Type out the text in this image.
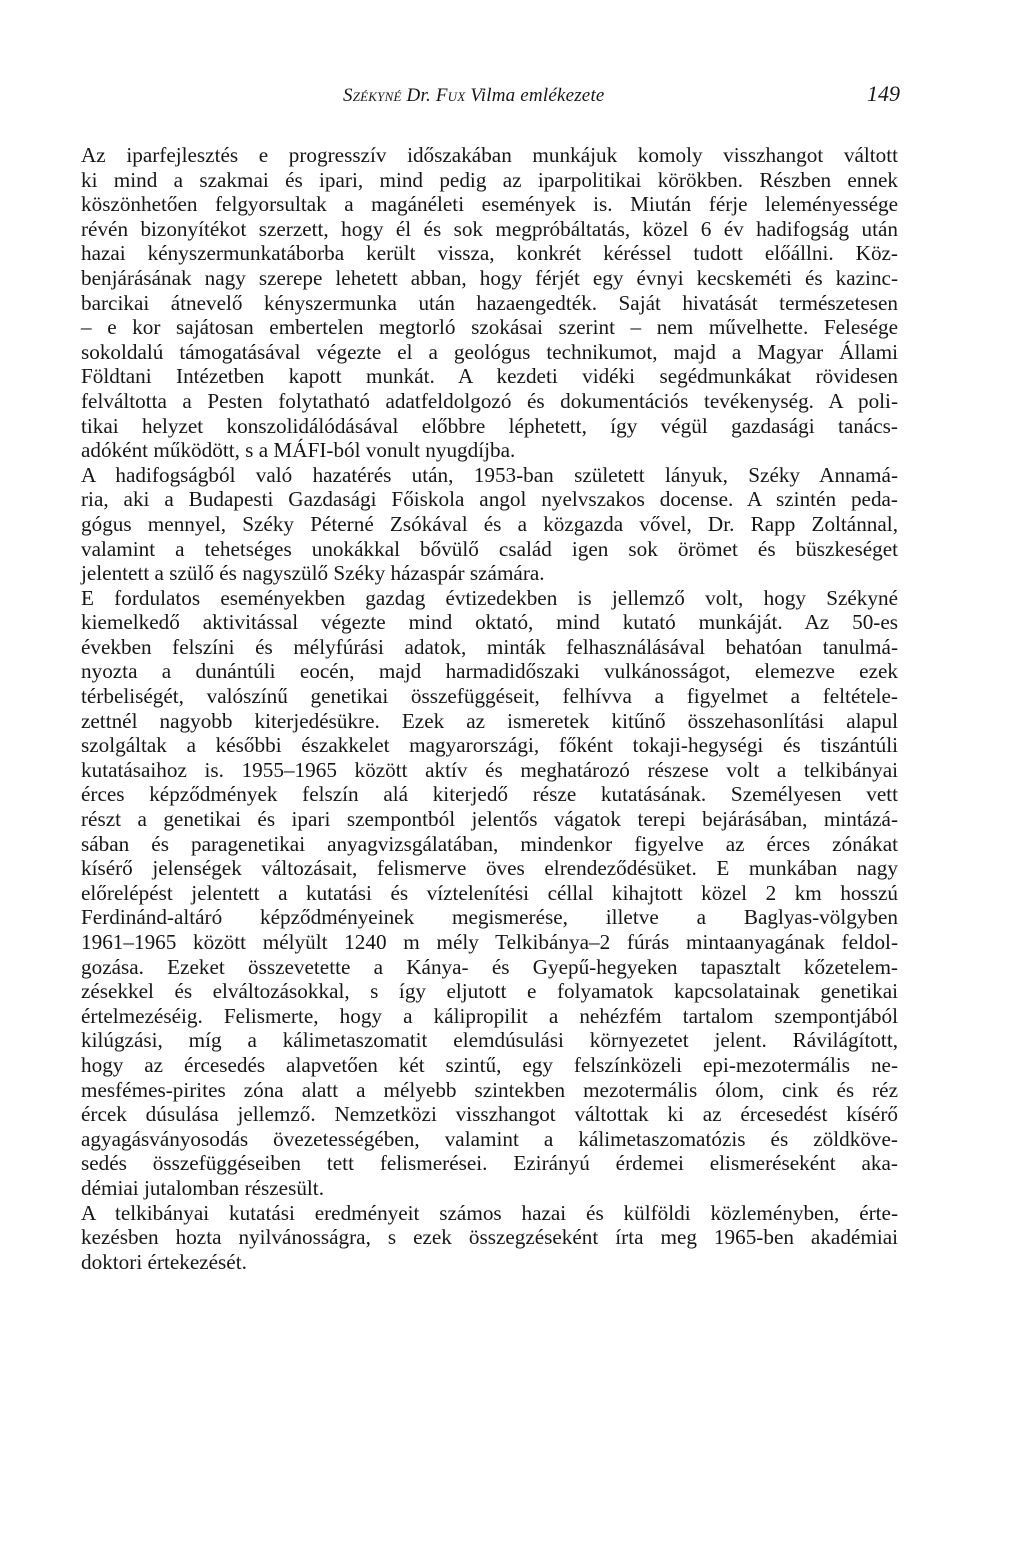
Székyné Dr. Fux Vilma emlékezete	149

Az iparfejlesztés e progresszív időszakában munkájuk komoly visszhangot váltott
ki mind a szakmai és ipari, mind pedig az iparpolitikai körökben. Részben ennek
köszönhetően felgyorsultak a magánéleti események is. Miután férje leleményessége
révén bizonyítékot szerzett, hogy él és sok megpróbáltatás, közel 6 év hadifogság után
hazai kényszermunkatáborba került vissza, konkrét kéréssel tudott előállni. Köz-
benjárásának nagy szerepe lehetett abban, hogy férjét egy évnyi kecskeméti és kazinc-
barcikai átnevelő kényszermunka után hazaengedték. Saját hivatását természetesen
– e kor sajátosan embertelen megtorló szokásai szerint – nem művelhette. Felesége
sokoldalú támogatásával végezte el a geológus technikumot, majd a Magyar Állami
Földtani Intézetben kapott munkát. A kezdeti vidéki segédmunkákat rövidesen
felváltotta a Pesten folytatható adatfeldolgozó és dokumentációs tevékenység. A poli-
tikai helyzet konszolidálódásával előbbre léphetett, így végül gazdasági tanács-
adóként működött, s a MÁFI-ból vonult nyugdíjba.

A hadifogságból való hazatérés után, 1953-ban született lányuk, Széky Annamá-
ria, aki a Budapesti Gazdasági Főiskola angol nyelvszakos docense. A szintén peda-
gógus mennyel, Széky Péterné Zsókával és a közgazda vővel, Dr. Rapp Zoltánnal,
valamint a tehetséges unokákkal bővülő család igen sok örömet és büszkeséget
jelentett a szülő és nagyszülő Széky házaspár számára.

E fordulatos eseményekben gazdag évtizedekben is jellemző volt, hogy Székyné
kiemelkedő aktivitással végezte mind oktató, mind kutató munkáját. Az 50-es
években felszíni és mélyfúrási adatok, minták felhasználásával behatóan tanulmá-
nyozta a dunántúli eocén, majd harmadidőszaki vulkánosságot, elemezve ezek
térbeliségét, valószínű genetikai összefüggéseit, felhívva a figyelmet a feltétele-
zettnél nagyobb kiterjedésükre. Ezek az ismeretek kitűnő összehasonlítási alapul
szolgáltak a későbbi északkelet magyarországi, főként tokaji-hegységi és tiszántúli
kutatásaihoz is. 1955–1965 között aktív és meghatározó részese volt a telkibányai
érces képződmények felszín alá kiterjedő része kutatásának. Személyesen vett
részt a genetikai és ipari szempontból jelentős vágatok terepi bejárásában, mintázá-
sában és paragenetikai anyagvizsgálatában, mindenkor figyelve az érces zónákat
kísérő jelenségek változásait, felismerve öves elrendeződésüket. E munkában nagy
előrelépést jelentett a kutatási és víztelenítési céllal kihajtott közel 2 km hosszú
Ferdinánd-altáró képződményeinek megismerése, illetve a Baglyas-völgyben
1961–1965 között mélyült 1240 m mély Telkibánya–2 fúrás mintaanyagának feldol-
gozása. Ezeket összevetette a Kánya- és Gyepű-hegyeken tapasztalt kőzetelem-
zésekkel és elváltozásokkal, s így eljutott e folyamatok kapcsolatainak genetikai
értelmezéséig. Felismerte, hogy a kálipropilit a nehézfém tartalom szempontjából
kilúgzási, míg a kálimetaszomatit elemdúsulási környezetet jelent. Rávilágított,
hogy az ércesedés alapvetően két szintű, egy felszínközeli epi-mezotermális ne-
mesfémes-pirites zóna alatt a mélyebb szintekben mezotermális ólom, cink és réz
ércek dúsulása jellemző. Nemzetközi visszhangot váltottak ki az ércesedést kísérő
agyagásványosodás övezetességében, valamint a kálimetaszomatózis és zöldköve-
sedés összefüggéseiben tett felismerései. Ezirányú érdemei elismeréseként aka-
démiai jutalomban részesült.

A telkibányai kutatási eredményeit számos hazai és külföldi közleményben, érte-
kezésben hozta nyilvánosságra, s ezek összegzéseként írta meg 1965-ben akadémiai
doktori értekezését.
